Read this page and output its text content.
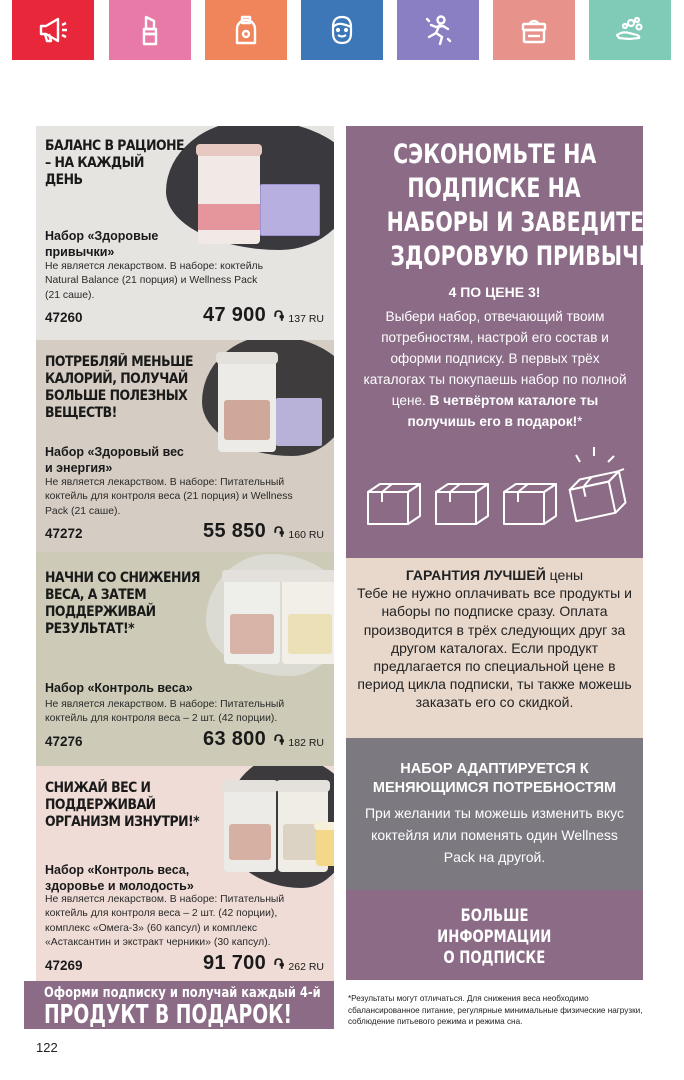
БАЛАНС В РАЦИОНЕ
– НА КАЖДЫЙ
ДЕНЬ
Набор «Здоровые
привычки»
Не является лекарством. В наборе: коктейль
Natural Balance (21 порция) и Wellness Pack
(21 саше).
47260	47 900 ֏ 137 RU
ПОТРЕБЛЯЙ МЕНЬШЕ
КАЛОРИЙ, ПОЛУЧАЙ
БОЛЬШЕ ПОЛЕЗНЫХ
ВЕЩЕСТВ!
Набор «Здоровый вес
и энергия»
Не является лекарством. В наборе: Питательный
коктейль для контроля веса (21 порция) и Wellness
Pack (21 саше).
47272	55 850 ֏ 160 RU
НАЧНИ СО СНИЖЕНИЯ
ВЕСА, А ЗАТЕМ
ПОДДЕРЖИВАЙ
РЕЗУЛЬТАТ!*
Набор «Контроль веса»
Не является лекарством. В наборе: Питательный
коктейль для контроля веса – 2 шт. (42 порции).
47276	63 800 ֏ 182 RU
СНИЖАЙ ВЕС И
ПОДДЕРЖИВАЙ
ОРГАНИЗМ ИЗНУТРИ!*
Набор «Контроль веса,
здоровье и молодость»
Не является лекарством. В наборе: Питательный
коктейль для контроля веса – 2 шт. (42 порции),
комплекс «Омега-3» (60 капсул) и комплекс
«Астаксантин и экстракт черники» (30 капсул).
47269	91 700 ֏ 262 RU
Оформи подписку и получай каждый 4-й
ПРОДУКТ В ПОДАРОК!
122
СЭКОНОМЬТЕ НА
ПОДПИСКЕ НА
НАБОРЫ И ЗАВЕДИТЕ
ЗДОРОВУЮ ПРИВЫЧКУ
4 ПО ЦЕНЕ 3!
Выбери набор, отвечающий твоим потребностям, настрой его состав и оформи подписку. В первых трёх каталогах ты покупаешь набор по полной цене. В четвёртом каталоге ты получишь его в подарок!*
ГАРАНТИЯ ЛУЧШЕЙ цены
Тебе не нужно оплачивать все продукты и наборы по подписке сразу. Оплата производится в трёх следующих друг за другом каталогах. Если продукт предлагается по специальной цене в период цикла подписки, ты также можешь заказать его со скидкой.
НАБОР АДАПТИРУЕТСЯ К
МЕНЯЮЩИМСЯ ПОТРЕБНОСТЯМ
При желании ты можешь изменить вкус коктейля или поменять один Wellness Pack на другой.
БОЛЬШЕ
ИНФОРМАЦИИ
О ПОДПИСКЕ
*Результаты могут отличаться. Для снижения веса необходимо сбалансированное питание, регулярные минимальные физические нагрузки, соблюдение питьевого режима и режима сна.
